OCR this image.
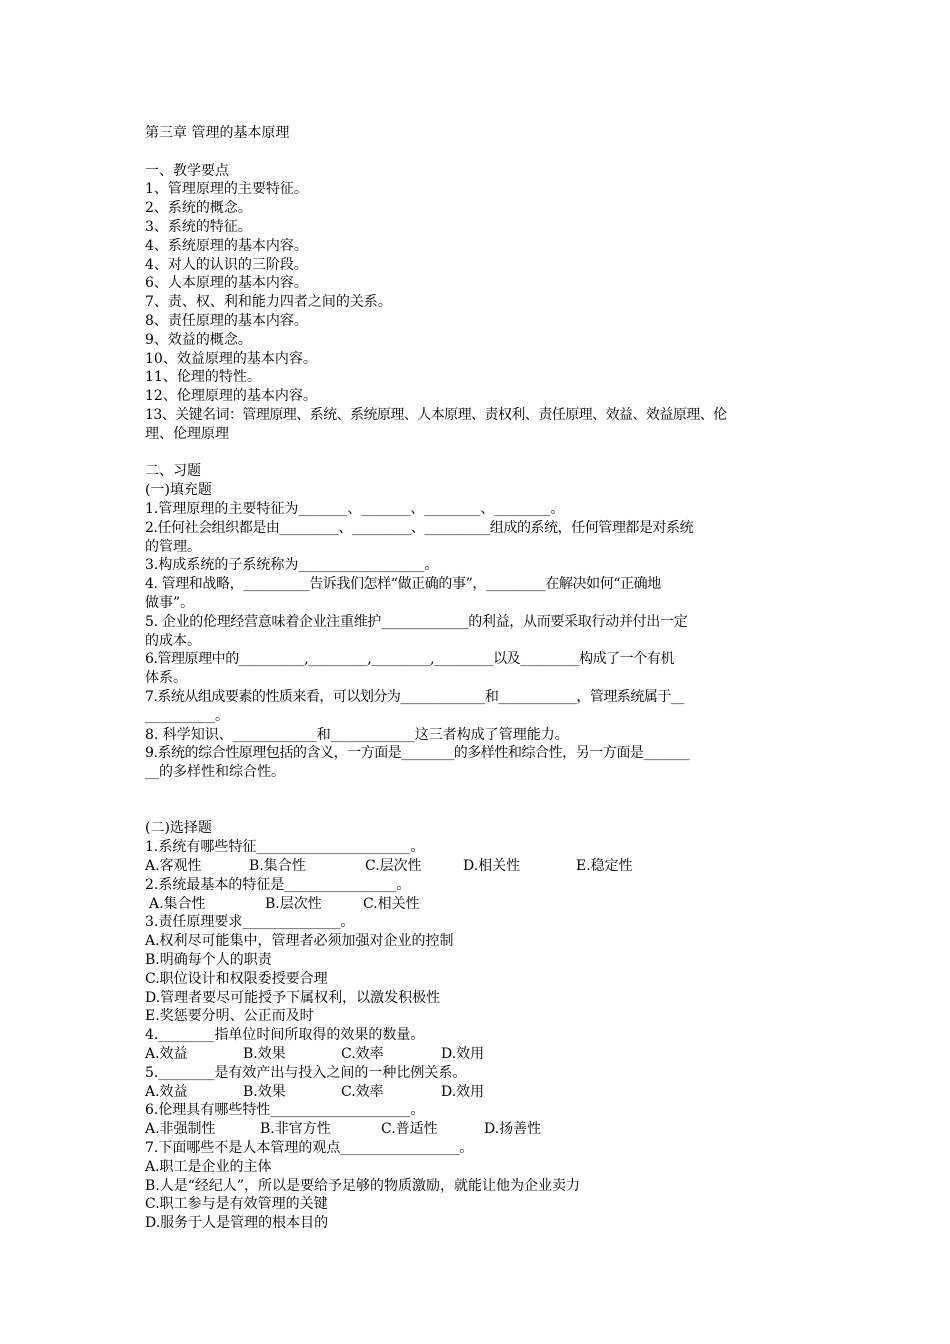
第三章 管理的基本原理
一、教学要点
1、管理原理的主要特征。
2、系统的概念。
3、系统的特征。
4、系统原理的基本内容。
4、对人的认识的三阶段。
6、人本原理的基本内容。
7、责、权、利和能力四者之间的关系。
8、责任原理的基本内容。
9、效益的概念。
10、效益原理的基本内容。
11、伦理的特性。
12、伦理原理的基本内容。
13、关键名词：管理原理、系统、系统原理、人本原理、责权利、责任原理、效益、效益原理、伦
理、伦理原理
二、习题
(一)填充题
1.管理原理的主要特征为_______、_______、________、________。
2.任何社会组织都是由_________、_________、__________组成的系统，任何管理都是对系统
的管理。
3.构成系统的子系统称为__________________。
4. 管理和战略，__________告诉我们怎样“做正确的事”，_________在解决如何“正确地
做事”。
5. 企业的伦理经营意味着企业注重维护_____________的利益，从而要采取行动并付出一定
的成本。
6.管理原理中的__________,_________,_________,_________以及_________构成了一个有机
体系。
7.系统从组成要素的性质来看，可以划分为_____________和____________，管理系统属于__
__________。
8. 科学知识、____________和____________这三者构成了管理能力。
9.系统的综合性原理包括的含义，一方面是________的多样性和综合性，另一方面是_______
__的多样性和综合性。
(二)选择题
1.系统有哪些特征______________________。
A.客观性	B.集合性	C.层次性	D.相关性	E.稳定性
2.系统最基本的特征是________________。
A.集合性	B.层次性	C.相关性
3.责任原理要求______________。
A.权利尽可能集中，管理者必须加强对企业的控制
B.明确每个人的职责
C.职位设计和权限委授要合理
D.管理者要尽可能授予下属权利，以激发积极性
E.奖惩要分明、公正而及时
4.________指单位时间所取得的效果的数量。
A.效益	B.效果	C.效率	D.效用
5.________是有效产出与投入之间的一种比例关系。
A.效益	B.效果	C.效率	D.效用
6.伦理具有哪些特性____________________。
A.非强制性	B.非官方性	C.普适性	D.扬善性
7.下面哪些不是人本管理的观点_________________。
A.职工是企业的主体
B.人是“经纪人”，所以是要给予足够的物质激励，就能让他为企业卖力
C.职工参与是有效管理的关键
D.服务于人是管理的根本目的
